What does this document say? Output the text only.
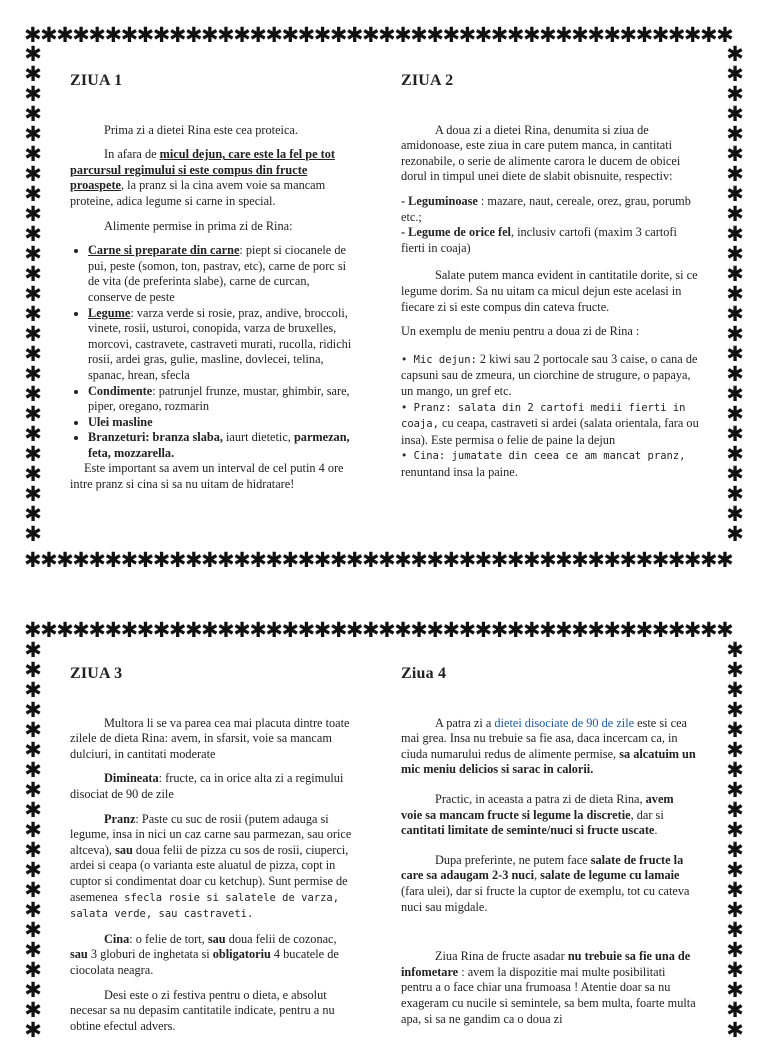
✱✱✱✱✱✱✱✱✱✱✱✱✱✱✱✱✱✱✱✱✱✱✱✱✱✱✱✱✱✱✱✱✱✱✱✱✱✱✱✱✱✱✱✱
✱✱✱✱✱✱✱✱✱✱✱✱✱✱✱✱✱✱✱✱✱✱✱✱✱✱✱✱✱✱✱✱✱✱✱✱✱✱✱✱✱✱✱✱
✱
✱
✱
✱
✱
✱
✱
✱
✱
✱
✱
✱
✱
✱
✱
✱
✱
✱
✱
✱
✱
✱
✱
✱
✱
✱
✱
✱
✱
✱
✱
✱
✱
✱
✱
✱
✱
✱
✱
✱
✱
✱
✱
✱
✱
✱
✱
✱
✱
✱
✱✱✱✱✱✱✱✱✱✱✱✱✱✱✱✱✱✱✱✱✱✱✱✱✱✱✱✱✱✱✱✱✱✱✱✱✱✱✱✱✱✱✱✱
✱
✱
✱
✱
✱
✱
✱
✱
✱
✱
✱
✱
✱
✱
✱
✱
✱
✱
✱
✱
✱
✱
✱
✱
✱
✱
✱
✱
✱
✱
✱
✱
✱
✱
✱
✱
✱
✱
✱
✱
ZIUA 1

Prima zi a dietei Rina este cea proteica.

In afara de micul dejun, care este la fel pe tot parcursul regimului si este compus din fructe proaspete, la pranz si la cina avem voie sa mancam proteine, adica legume si carne in special.

Alimente permise in prima zi de Rina:

• Carne si preparate din carne: piept si ciocanele de pui, peste (somon, ton, pastrav, etc), carne de porc si de vita (de preferinta slabe), carne de curcan, conserve de peste
• Legume: varza verde si rosie, praz, andive, broccoli, vinete, rosii, usturoi, conopida, varza de bruxelles, morcovi, castravete, castraveti murati, rucolla, ridichi rosii, ardei gras, gulie, masline, dovlecei, telina, spanac, hrean, sfecla
• Condimente: patrunjel frunze, mustar, ghimbir, sare, piper, oregano, rozmarin
• Ulei masline
• Branzeturi: branza slaba, iaurt dietetic, parmezan, feta, mozzarella.

Este important sa avem un interval de cel putin 4 ore intre pranz si cina si sa nu uitam de hidratare!

ZIUA 2

A doua zi a dietei Rina, denumita si ziua de amidonoase, este ziua in care putem manca, in cantitati rezonabile, o serie de alimente carora le ducem de obicei dorul in timpul unei diete de slabit obisnuite, respectiv:

- Leguminoase : mazare, naut, cereale, orez, grau, porumb etc.;
- Legume de orice fel, inclusiv cartofi (maxim 3 cartofi fierti in coaja)

Salate putem manca evident in cantitatile dorite, si ce legume dorim. Sa nu uitam ca micul dejun este acelasi in fiecare zi si este compus din cateva fructe.

Un exemplu de meniu pentru a doua zi de Rina :

• Mic dejun: 2 kiwi sau 2 portocale sau 3 caise, o cana de capsuni sau de zmeura, un ciorchine de strugure, o papaya, un mango, un gref etc.
• Pranz: salata din 2 cartofi medii fierti in coaja, cu ceapa, castraveti si ardei (salata orientala, fara ou insa). Este permisa o felie de paine la dejun
• Cina: jumatate din ceea ce am mancat pranz, renuntand insa la paine.

ZIUA 3

Multora li se va parea cea mai placuta dintre toate zilele de dieta Rina: avem, in sfarsit, voie sa mancam dulciuri, in cantitati moderate

Dimineata: fructe, ca in orice alta zi a regimului disociat de 90 de zile

Pranz: Paste cu suc de rosii (putem adauga si legume, insa in nici un caz carne sau parmezan, sau orice altceva), sau doua felii de pizza cu sos de rosii, ciuperci, ardei si ceapa (o varianta este aluatul de pizza, copt in cuptor si condimentat doar cu ketchup). Sunt permise de asemenea sfecla rosie si salatele de varza, salata verde, sau castraveti.

Cina: o felie de tort, sau doua felii de cozonac, sau 3 globuri de inghetata si obligatoriu 4 bucatele de ciocolata neagra.

Desi este o zi festiva pentru o dieta, e absolut necesar sa nu depasim cantitatile indicate, pentru a nu obtine efectul advers.

Ziua 4

A patra zi a dietei disociate de 90 de zile este si cea mai grea. Insa nu trebuie sa fie asa, daca incercam ca, in ciuda numarului redus de alimente permise, sa alcatuim un mic meniu delicios si sarac in calorii.

Practic, in aceasta a patra zi de dieta Rina, avem voie sa mancam fructe si legume la discretie, dar si cantitati limitate de seminte/nuci si fructe uscate.

Dupa preferinte, ne putem face salate de fructe la care sa adaugam 2-3 nuci, salate de legume cu lamaie (fara ulei), dar si fructe la cuptor de exemplu, tot cu cateva nuci sau migdale.

Ziua Rina de fructe asadar nu trebuie sa fie una de infometare : avem la dispozitie mai multe posibilitati pentru a o face chiar una frumoasa ! Atentie doar sa nu exageram cu nucile si semintele, sa bem multa, foarte multa apa, si sa ne gandim ca o doua zi
